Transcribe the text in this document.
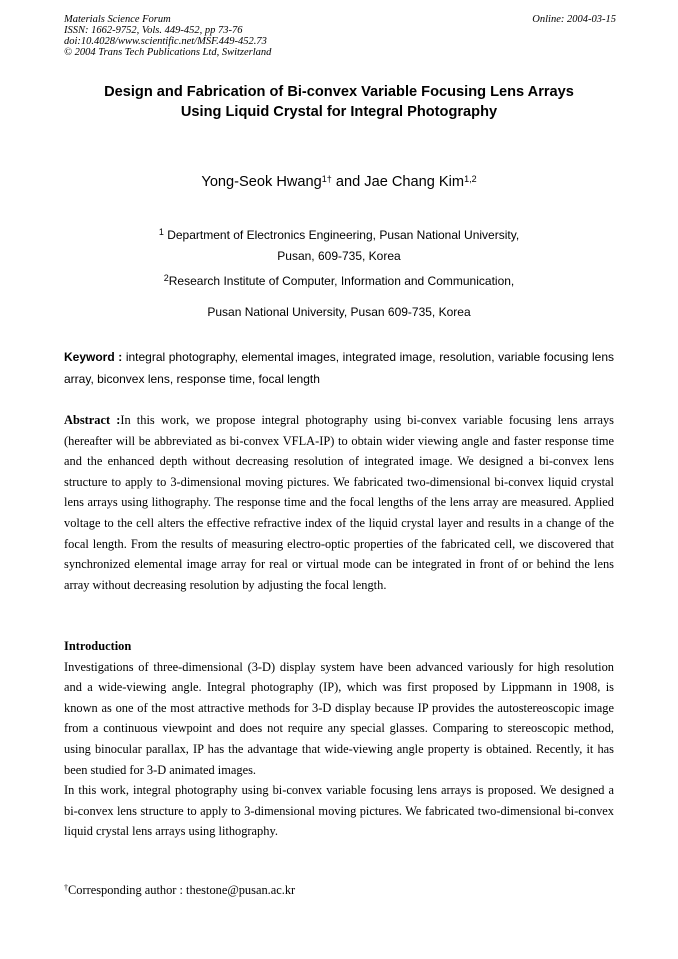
Materials Science Forum
ISSN: 1662-9752, Vols. 449-452, pp 73-76
doi:10.4028/www.scientific.net/MSF.449-452.73
© 2004 Trans Tech Publications Ltd, Switzerland
Online: 2004-03-15
Design and Fabrication of Bi-convex Variable Focusing Lens Arrays
Using Liquid Crystal for Integral Photography
Yong-Seok Hwang$^{1\dagger}$ and Jae Chang Kim$^{1,2}$
$^1$ Department of Electronics Engineering, Pusan National University,
Pusan, 609-735, Korea
$^2$Research Institute of Computer, Information and Communication,
Pusan National University, Pusan 609-735, Korea
Keyword : integral photography, elemental images, integrated image, resolution, variable focusing lens array, biconvex lens, response time, focal length
Abstract :In this work, we propose integral photography using bi-convex variable focusing lens arrays (hereafter will be abbreviated as bi-convex VFLA-IP) to obtain wider viewing angle and faster response time and the enhanced depth without decreasing resolution of integrated image. We designed a bi-convex lens structure to apply to 3-dimensional moving pictures. We fabricated two-dimensional bi-convex liquid crystal lens arrays using lithography. The response time and the focal lengths of the lens array are measured. Applied voltage to the cell alters the effective refractive index of the liquid crystal layer and results in a change of the focal length. From the results of measuring electro-optic properties of the fabricated cell, we discovered that synchronized elemental image array for real or virtual mode can be integrated in front of or behind the lens array without decreasing resolution by adjusting the focal length.
Introduction
Investigations of three-dimensional (3-D) display system have been advanced variously for high resolution and a wide-viewing angle. Integral photography (IP), which was first proposed by Lippmann in 1908, is known as one of the most attractive methods for 3-D display because IP provides the autostereoscopic image from a continuous viewpoint and does not require any special glasses. Comparing to stereoscopic method, using binocular parallax, IP has the advantage that wide-viewing angle property is obtained. Recently, it has been studied for 3-D animated images.
In this work, integral photography using bi-convex variable focusing lens arrays is proposed. We designed a bi-convex lens structure to apply to 3-dimensional moving pictures. We fabricated two-dimensional bi-convex liquid crystal lens arrays using lithography.
†Corresponding author : thestone@pusan.ac.kr
